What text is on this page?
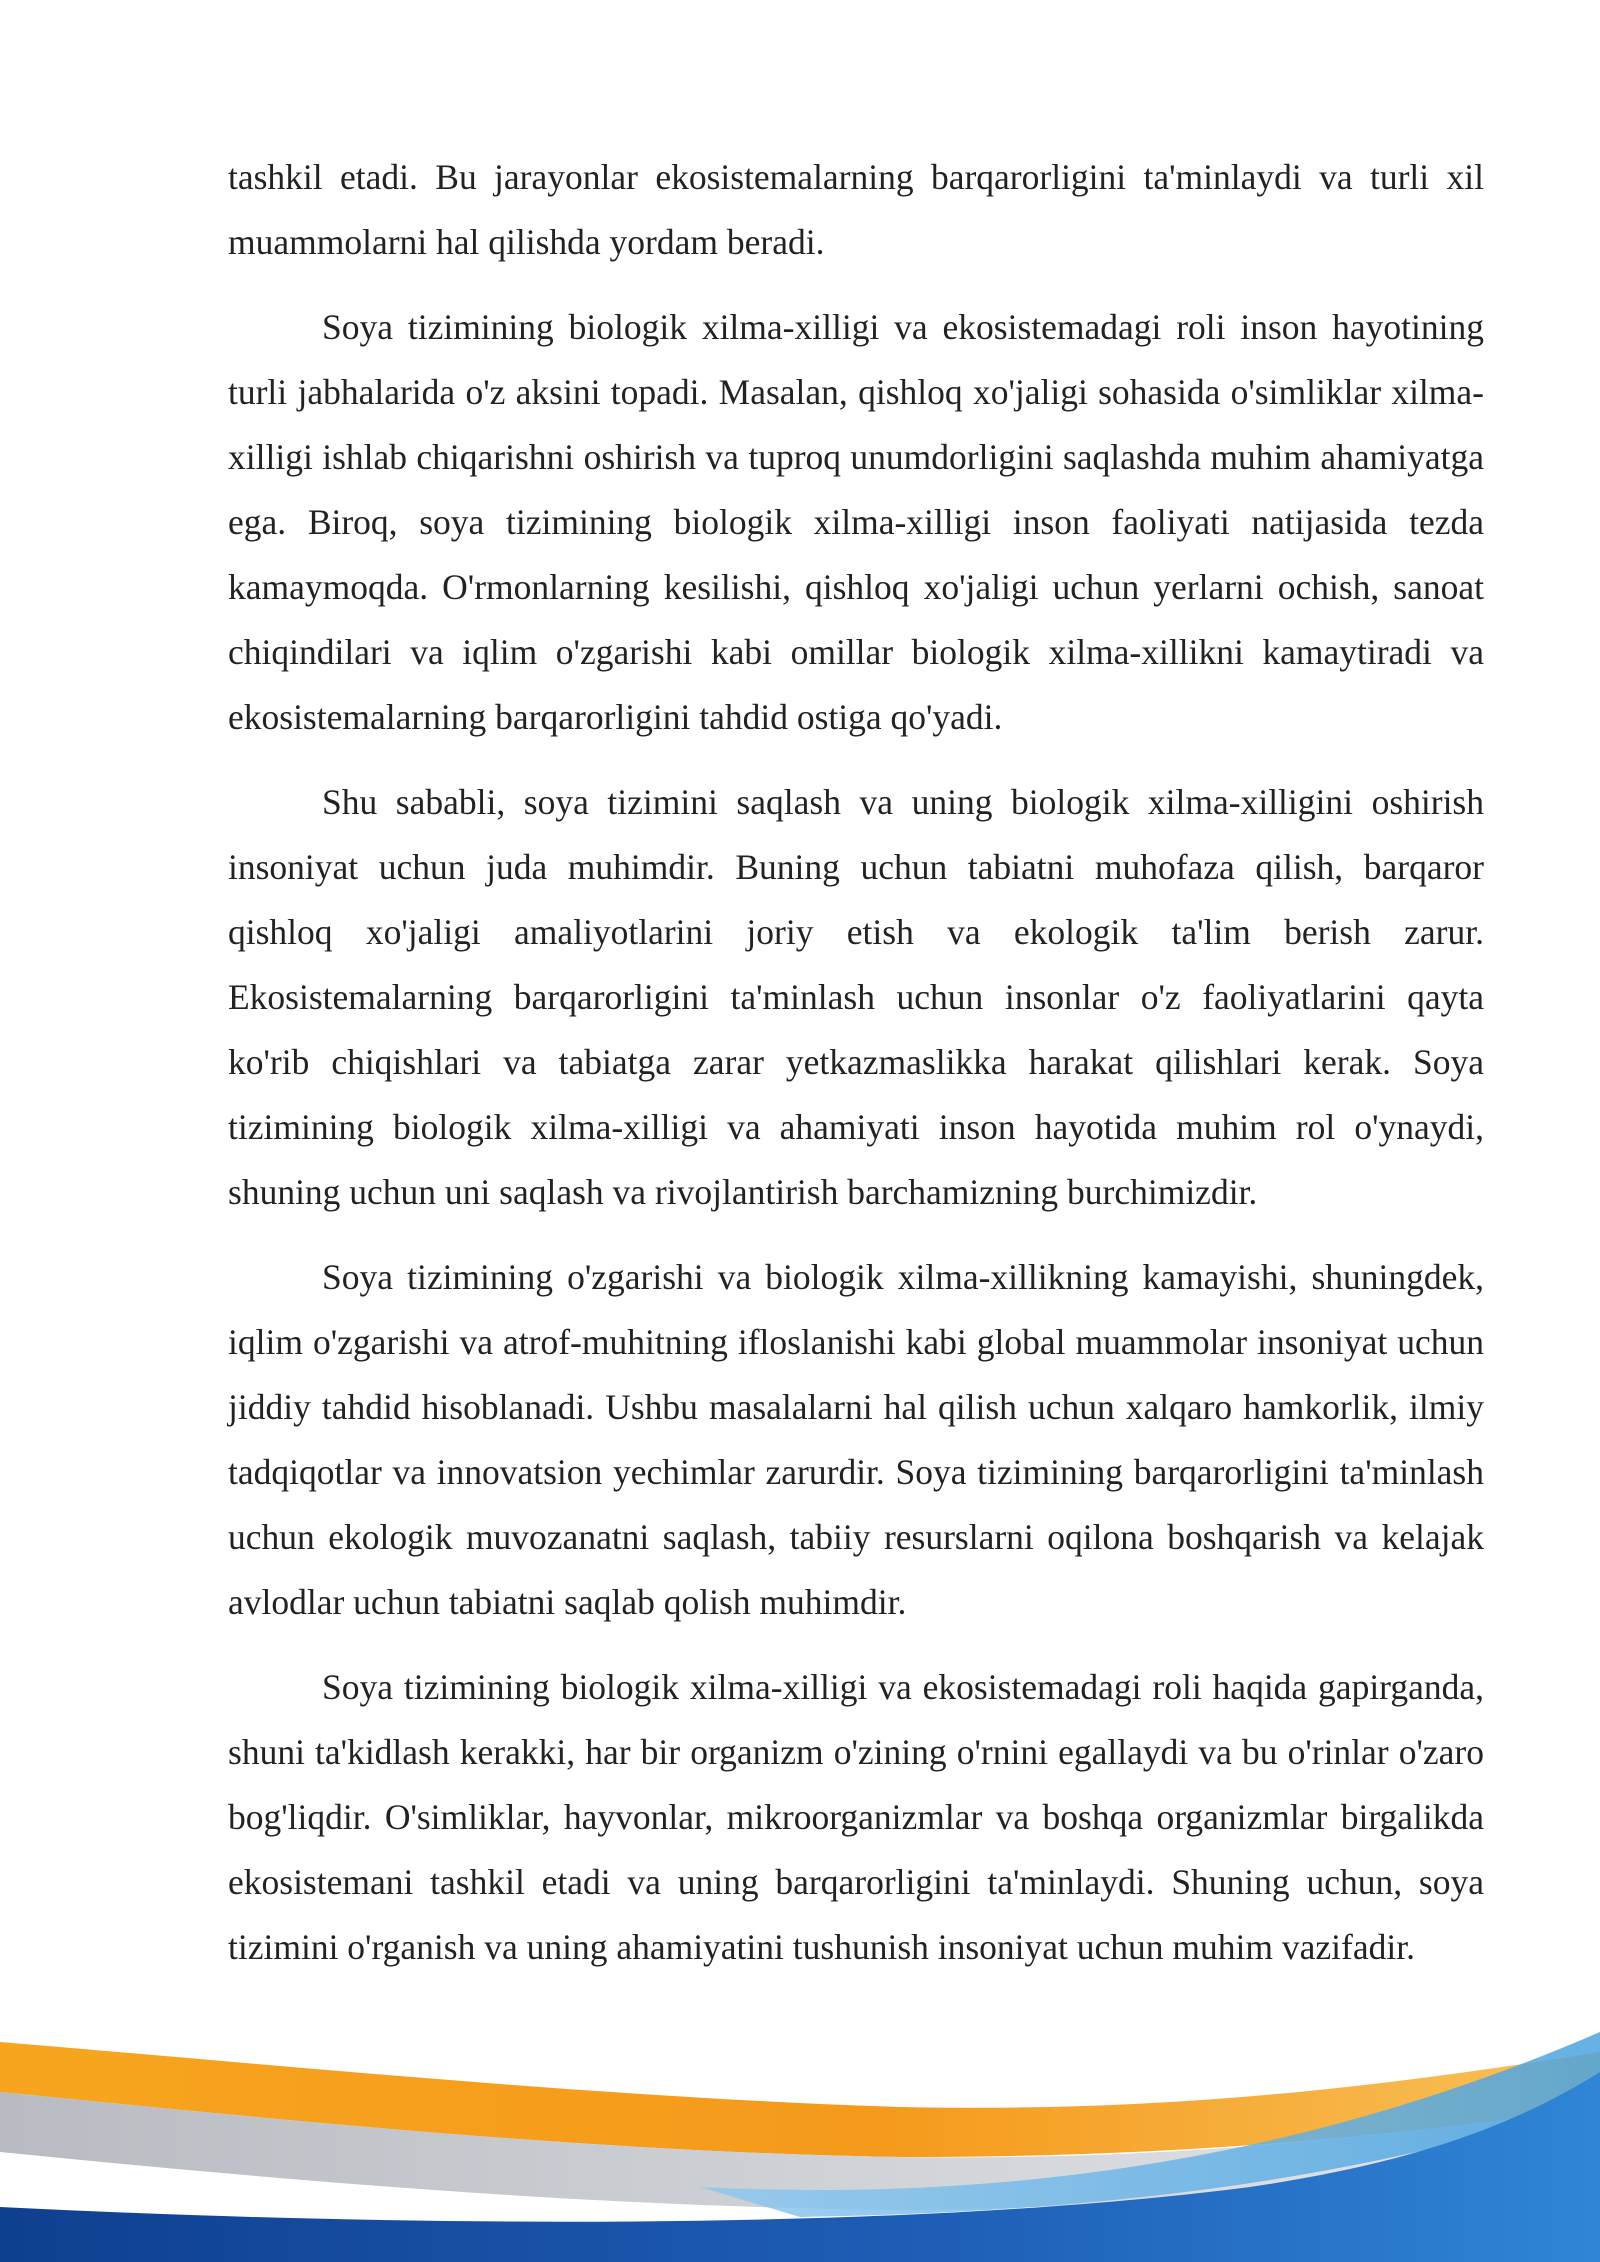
tashkil etadi. Bu jarayonlar ekosistemalarning barqarorligini ta'minlaydi va turli xil muammolarni hal qilishda yordam beradi.

Soya tizimining biologik xilma-xilligi va ekosistemadagi roli inson hayotining turli jabhalarida o'z aksini topadi. Masalan, qishloq xo'jaligi sohasida o'simliklar xilma-xilligi ishlab chiqarishni oshirish va tuproq unumdorligini saqlashda muhim ahamiyatga ega. Biroq, soya tizimining biologik xilma-xilligi inson faoliyati natijasida tezda kamaymoqda. O'rmonlarning kesilishi, qishloq xo'jaligi uchun yerlarni ochish, sanoat chiqindilari va iqlim o'zgarishi kabi omillar biologik xilma-xillikni kamaytiradi va ekosistemalarning barqarorligini tahdid ostiga qo'yadi.

Shu sababli, soya tizimini saqlash va uning biologik xilma-xilligini oshirish insoniyat uchun juda muhimdir. Buning uchun tabiatni muhofaza qilish, barqaror qishloq xo'jaligi amaliyotlarini joriy etish va ekologik ta'lim berish zarur. Ekosistemalarning barqarorligini ta'minlash uchun insonlar o'z faoliyatlarini qayta ko'rib chiqishlari va tabiatga zarar yetkazmaslikka harakat qilishlari kerak. Soya tizimining biologik xilma-xilligi va ahamiyati inson hayotida muhim rol o'ynaydi, shuning uchun uni saqlash va rivojlantirish barchamizning burchimizdir.

Soya tizimining o'zgarishi va biologik xilma-xillikning kamayishi, shuningdek, iqlim o'zgarishi va atrof-muhitning ifloslanishi kabi global muammolar insoniyat uchun jiddiy tahdid hisoblanadi. Ushbu masalalarni hal qilish uchun xalqaro hamkorlik, ilmiy tadqiqotlar va innovatsion yechimlar zarurdir. Soya tizimining barqarorligini ta'minlash uchun ekologik muvozanatni saqlash, tabiiy resurslarni oqilona boshqarish va kelajak avlodlar uchun tabiatni saqlab qolish muhimdir.

Soya tizimining biologik xilma-xilligi va ekosistemadagi roli haqida gapirganda, shuni ta'kidlash kerakki, har bir organizm o'zining o'rnini egallaydi va bu o'rinlar o'zaro bog'liqdir. O'simliklar, hayvonlar, mikroorganizmlar va boshqa organizmlar birgalikda ekosistemani tashkil etadi va uning barqarorligini ta'minlaydi. Shuning uchun, soya tizimini o'rganish va uning ahamiyatini tushunish insoniyat uchun muhim vazifadir.
